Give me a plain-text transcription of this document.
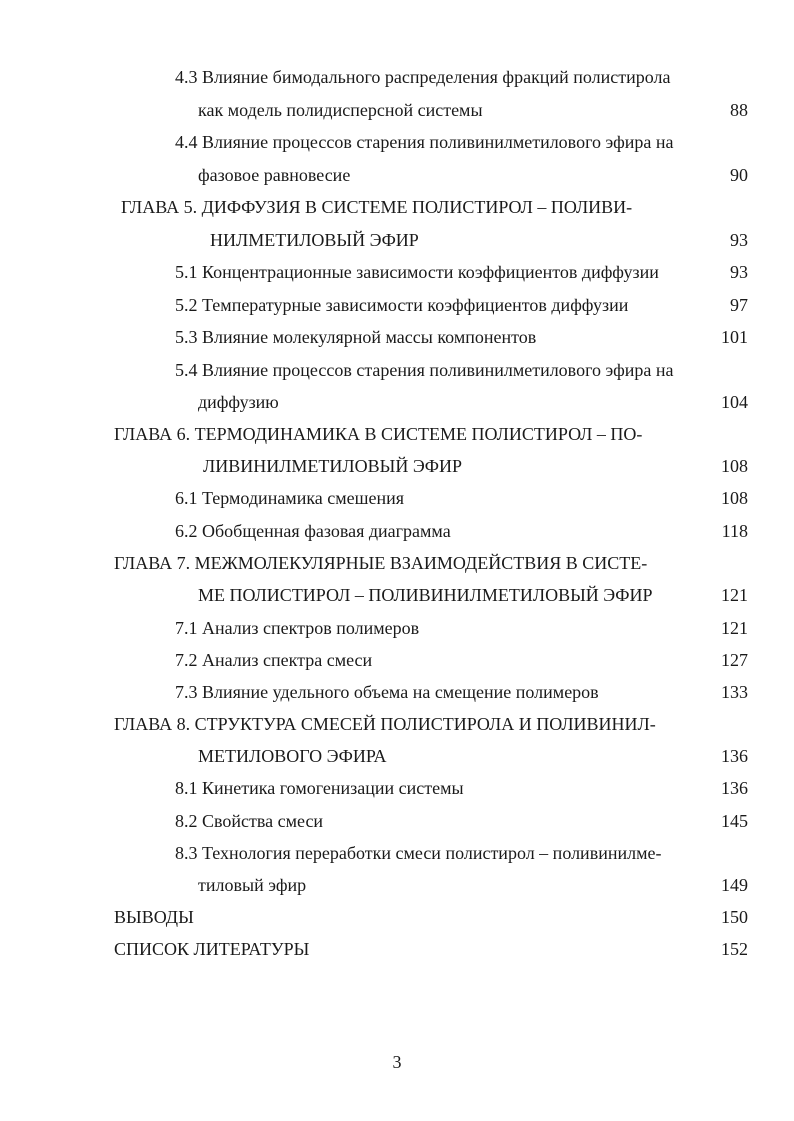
4.3 Влияние бимодального распределения фракций полистирола
как модель полидисперсной системы	88
4.4 Влияние процессов старения поливинилметилового эфира на
фазовое равновесие	90
ГЛАВА 5. ДИФФУЗИЯ В СИСТЕМЕ ПОЛИСТИРОЛ – ПОЛИВИ-
НИЛМЕТИЛОВЫЙ ЭФИР	93
5.1 Концентрационные зависимости коэффициентов диффузии	93
5.2 Температурные зависимости коэффициентов диффузии	97
5.3 Влияние молекулярной массы компонентов	101
5.4 Влияние процессов старения поливинилметилового эфира на
диффузию	104
ГЛАВА 6. ТЕРМОДИНАМИКА В СИСТЕМЕ ПОЛИСТИРОЛ – ПО-
ЛИВИНИЛМЕТИЛОВЫЙ ЭФИР	108
6.1 Термодинамика смешения	108
6.2 Обобщенная фазовая диаграмма	118
ГЛАВА 7. МЕЖМОЛЕКУЛЯРНЫЕ ВЗАИМОДЕЙСТВИЯ В СИСТЕ-
МЕ ПОЛИСТИРОЛ – ПОЛИВИНИЛМЕТИЛОВЫЙ ЭФИР	121
7.1 Анализ спектров полимеров	121
7.2 Анализ спектра смеси	127
7.3 Влияние удельного объема на смещение полимеров	133
ГЛАВА 8. СТРУКТУРА СМЕСЕЙ ПОЛИСТИРОЛА И ПОЛИВИНИЛ-
МЕТИЛОВОГО ЭФИРА	136
8.1 Кинетика гомогенизации системы	136
8.2 Свойства смеси	145
8.3 Технология переработки смеси полистирол – поливинилме-
тиловый эфир	149
ВЫВОДЫ	150
СПИСОК ЛИТЕРАТУРЫ	152
3
